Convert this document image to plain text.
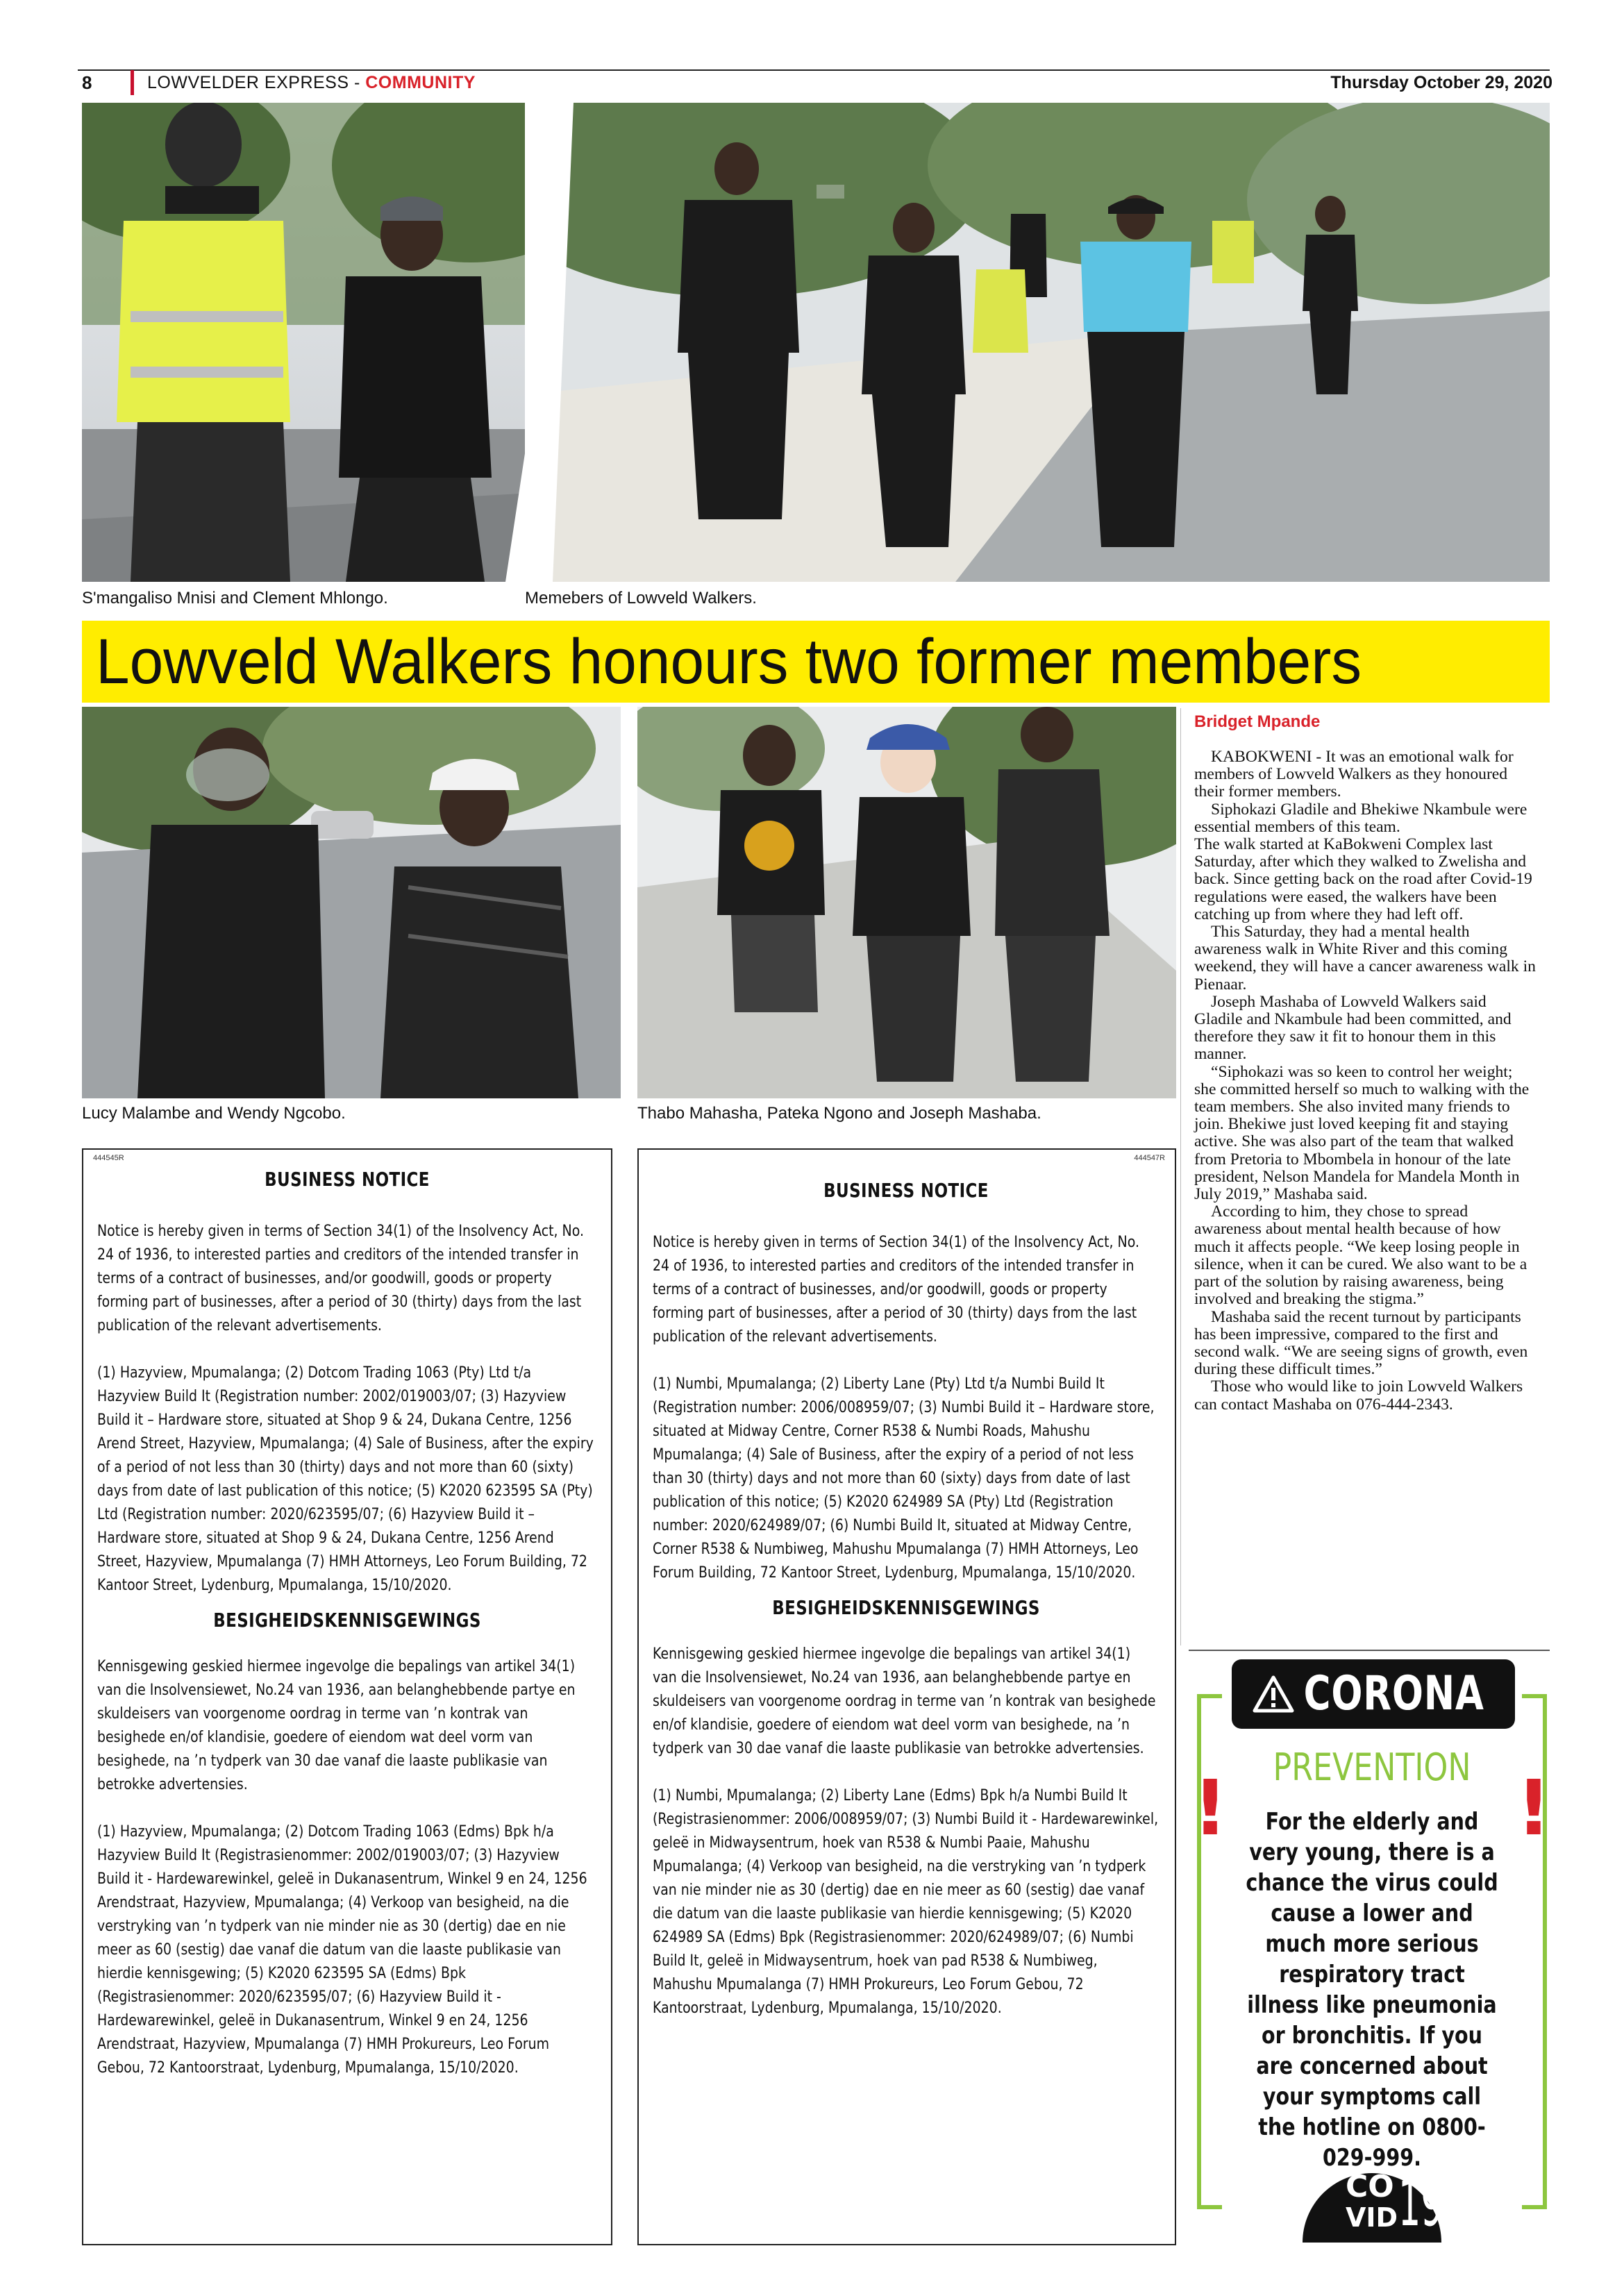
8	LOWVELDER EXPRESS - COMMUNITY	Thursday October 29, 2020
S'mangaliso Mnisi and Clement Mhlongo.	Memebers of Lowveld Walkers.
Lowveld Walkers honours two former members
Lucy Malambe and Wendy Ngcobo.	Thabo Mahasha, Pateka Ngono and Joseph Mashaba.
Bridget Mpande

KABOKWENI - It was an emotional walk for members of Lowveld Walkers as they honoured their former members.

Siphokazi Gladile and Bhekiwe Nkambule were essential members of this team.

The walk started at KaBokweni Complex last Saturday, after which they walked to Zwelisha and back. Since getting back on the road after Covid-19 regulations were eased, the walkers have been catching up from where they had left off.

This Saturday, they had a mental health awareness walk in White River and this coming weekend, they will have a cancer awareness walk in Pienaar.

Joseph Mashaba of Lowveld Walkers said Gladile and Nkambule had been committed, and therefore they saw it fit to honour them in this manner.

“Siphokazi was so keen to control her weight; she committed herself so much to walking with the team members. She also invited many friends to join. Bhekiwe just loved keeping fit and staying active. She was also part of the team that walked from Pretoria to Mbombela in honour of the late president, Nelson Mandela for Mandela Month in July 2019,” Mashaba said.

According to him, they chose to spread awareness about mental health because of how much it affects people. “We keep losing people in silence, when it can be cured. We also want to be a part of the solution by raising awareness, being involved and breaking the stigma.”

Mashaba said the recent turnout by participants has been impressive, compared to the first and second walk. “We are seeing signs of growth, even during these difficult times.”

Those who would like to join Lowveld Walkers can contact Mashaba on 076-444-2343.

444545R
BUSINESS NOTICE

Notice is hereby given in terms of Section 34(1) of the Insolvency Act, No. 24 of 1936, to interested parties and creditors of the intended transfer in terms of a contract of businesses, and/or goodwill, goods or property forming part of businesses, after a period of 30 (thirty) days from the last publication of the relevant advertisements.

(1) Hazyview, Mpumalanga; (2) Dotcom Trading 1063 (Pty) Ltd t/a Hazyview Build It (Registration number: 2002/019003/07; (3) Hazyview Build it – Hardware store, situated at Shop 9 & 24, Dukana Centre, 1256 Arend Street, Hazyview, Mpumalanga; (4) Sale of Business, after the expiry of a period of not less than 30 (thirty) days and not more than 60 (sixty) days from date of last publication of this notice; (5) K2020 623595 SA (Pty) Ltd (Registration number: 2020/623595/07; (6) Hazyview Build it – Hardware store, situated at Shop 9 & 24, Dukana Centre, 1256 Arend Street, Hazyview, Mpumalanga (7) HMH Attorneys, Leo Forum Building, 72 Kantoor Street, Lydenburg, Mpumalanga, 15/10/2020.

BESIGHEIDSKENNISGEWINGS

Kennisgewing geskied hiermee ingevolge die bepalings van artikel 34(1) van die Insolvensiewet, No.24 van 1936, aan belanghebbende partye en skuldeisers van voorgenome oordrag in terme van ’n kontrak van besighede en/of klandisie, goedere of eiendom wat deel vorm van besighede, na ’n tydperk van 30 dae vanaf die laaste publikasie van betrokke advertensies.

(1) Hazyview, Mpumalanga; (2) Dotcom Trading 1063 (Edms) Bpk h/a Hazyview Build It (Registrasienommer: 2002/019003/07; (3) Hazyview Build it - Hardewarewinkel, geleë in Dukanasentrum, Winkel 9 en 24, 1256 Arendstraat, Hazyview, Mpumalanga; (4) Verkoop van besigheid, na die verstryking van ’n tydperk van nie minder nie as 30 (dertig) dae en nie meer as 60 (sestig) dae vanaf die datum van die laaste publikasie van hierdie kennisgewing; (5) K2020 623595 SA (Edms) Bpk (Registrasienommer: 2020/623595/07; (6) Hazyview Build it - Hardewarewinkel, geleë in Dukanasentrum, Winkel 9 en 24, 1256 Arendstraat, Hazyview, Mpumalanga (7) HMH Prokureurs, Leo Forum Gebou, 72 Kantoorstraat, Lydenburg, Mpumalanga, 15/10/2020.

444547R
BUSINESS NOTICE

Notice is hereby given in terms of Section 34(1) of the Insolvency Act, No. 24 of 1936, to interested parties and creditors of the intended transfer in terms of a contract of businesses, and/or goodwill, goods or property forming part of businesses, after a period of 30 (thirty) days from the last publication of the relevant advertisements.

(1) Numbi, Mpumalanga; (2) Liberty Lane (Pty) Ltd t/a Numbi Build It (Registration number: 2006/008959/07; (3) Numbi Build it – Hardware store, situated at Midway Centre, Corner R538 & Numbi Roads, Mahushu Mpumalanga; (4) Sale of Business, after the expiry of a period of not less than 30 (thirty) days and not more than 60 (sixty) days from date of last publication of this notice; (5) K2020 624989 SA (Pty) Ltd (Registration number: 2020/624989/07; (6) Numbi Build It, situated at Midway Centre, Corner R538 & Numbiweg, Mahushu Mpumalanga (7) HMH Attorneys, Leo Forum Building, 72 Kantoor Street, Lydenburg, Mpumalanga, 15/10/2020.

BESIGHEIDSKENNISGEWINGS

Kennisgewing geskied hiermee ingevolge die bepalings van artikel 34(1) van die Insolvensiewet, No.24 van 1936, aan belanghebbende partye en skuldeisers van voorgenome oordrag in terme van ’n kontrak van besighede en/of klandisie, goedere of eiendom wat deel vorm van besighede, na ’n tydperk van 30 dae vanaf die laaste publikasie van betrokke advertensies.

(1) Numbi, Mpumalanga; (2) Liberty Lane (Edms) Bpk h/a Numbi Build It (Registrasienommer: 2006/008959/07; (3) Numbi Build it - Hardewarewinkel, geleë in Midwaysentrum, hoek van R538 & Numbi Paaie, Mahushu Mpumalanga; (4) Verkoop van besigheid, na die verstryking van ’n tydperk van nie minder nie as 30 (dertig) dae en nie meer as 60 (sestig) dae vanaf die datum van die laaste publikasie van hierdie kennisgewing; (5) K2020 624989 SA (Edms) Bpk (Registrasienommer: 2020/624989/07; (6) Numbi Build It, geleë in Midwaysentrum, hoek van pad R538 & Numbiweg, Mahushu Mpumalanga (7) HMH Prokureurs, Leo Forum Gebou, 72 Kantoorstraat, Lydenburg, Mpumalanga, 15/10/2020.

CORONA
PREVENTION
!	!
For the elderly and very young, there is a chance the virus could cause a lower and much more serious respiratory tract illness like pneumonia or bronchitis. If you are concerned about your symptoms call the hotline on 0800-029-999.
CO
VID 19
